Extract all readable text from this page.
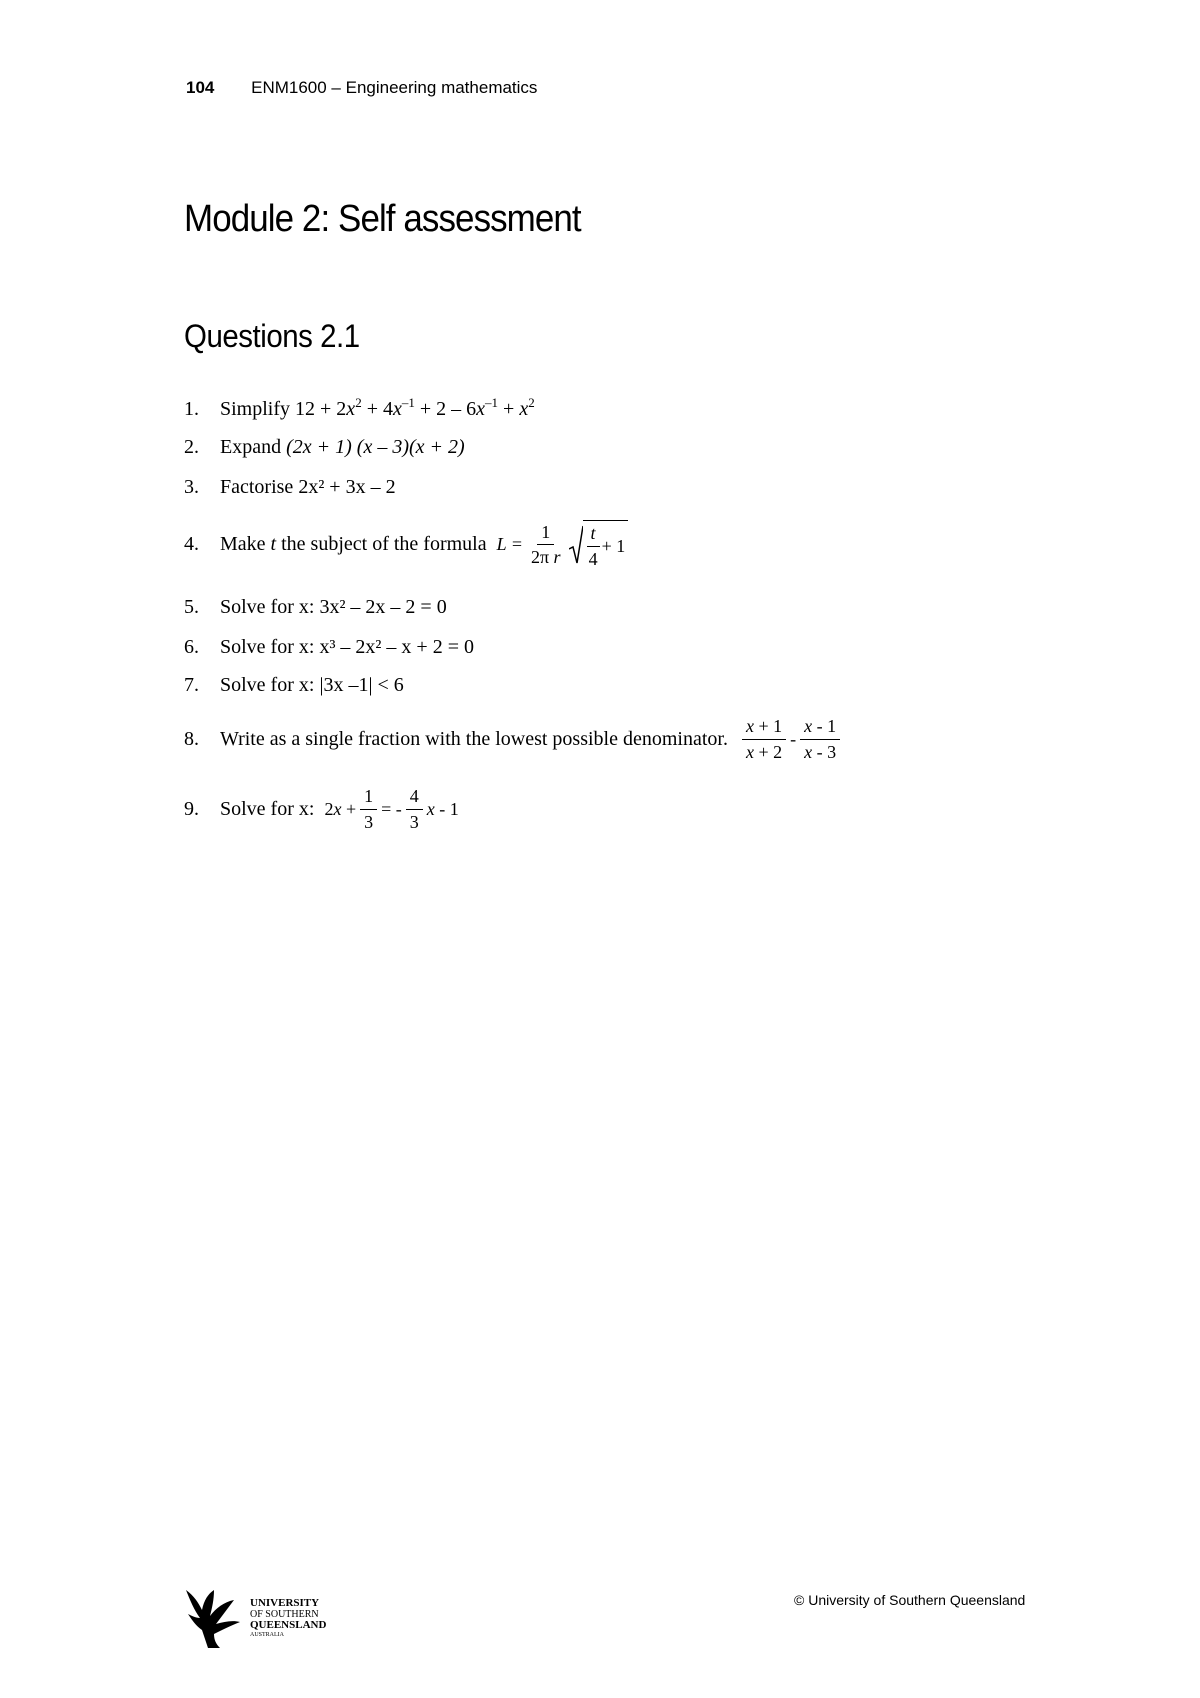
104 ENM1600 – Engineering mathematics
Module 2: Self assessment
Questions 2.1
1.	Simplify
$12 + 2x^2 + 4x^{-1} + 2 - 6x^{-1} + x^2$
2.	Expand
(2x + 1) (x – 3)(x + 2)
3.	Factorise
2x² + 3x – 2
4.	Make
t
the subject of the formula
$L = \frac{1}{\text{2π r}} \frac{t}{4} + 1$
5.	Solve for x:
3x² – 2x – 2 = 0
6.	Solve for x:
x³ – 2x² – x + 2 = 0
7.	Solve for x:
|3x –1| < 6
8.	Write as a single fraction with the lowest possible denominator.
$\frac{x + 1}{x + 2} - \frac{x - 1}{x - 3}$
9.	Solve for x:
2 $x + \frac{1}{3}$ = - $\frac{4}{3}$ x - 1
UNIVERSITY
OF SOUTHERN
QUEENSLAND
AUSTRALIA
© University of Southern Queensland
